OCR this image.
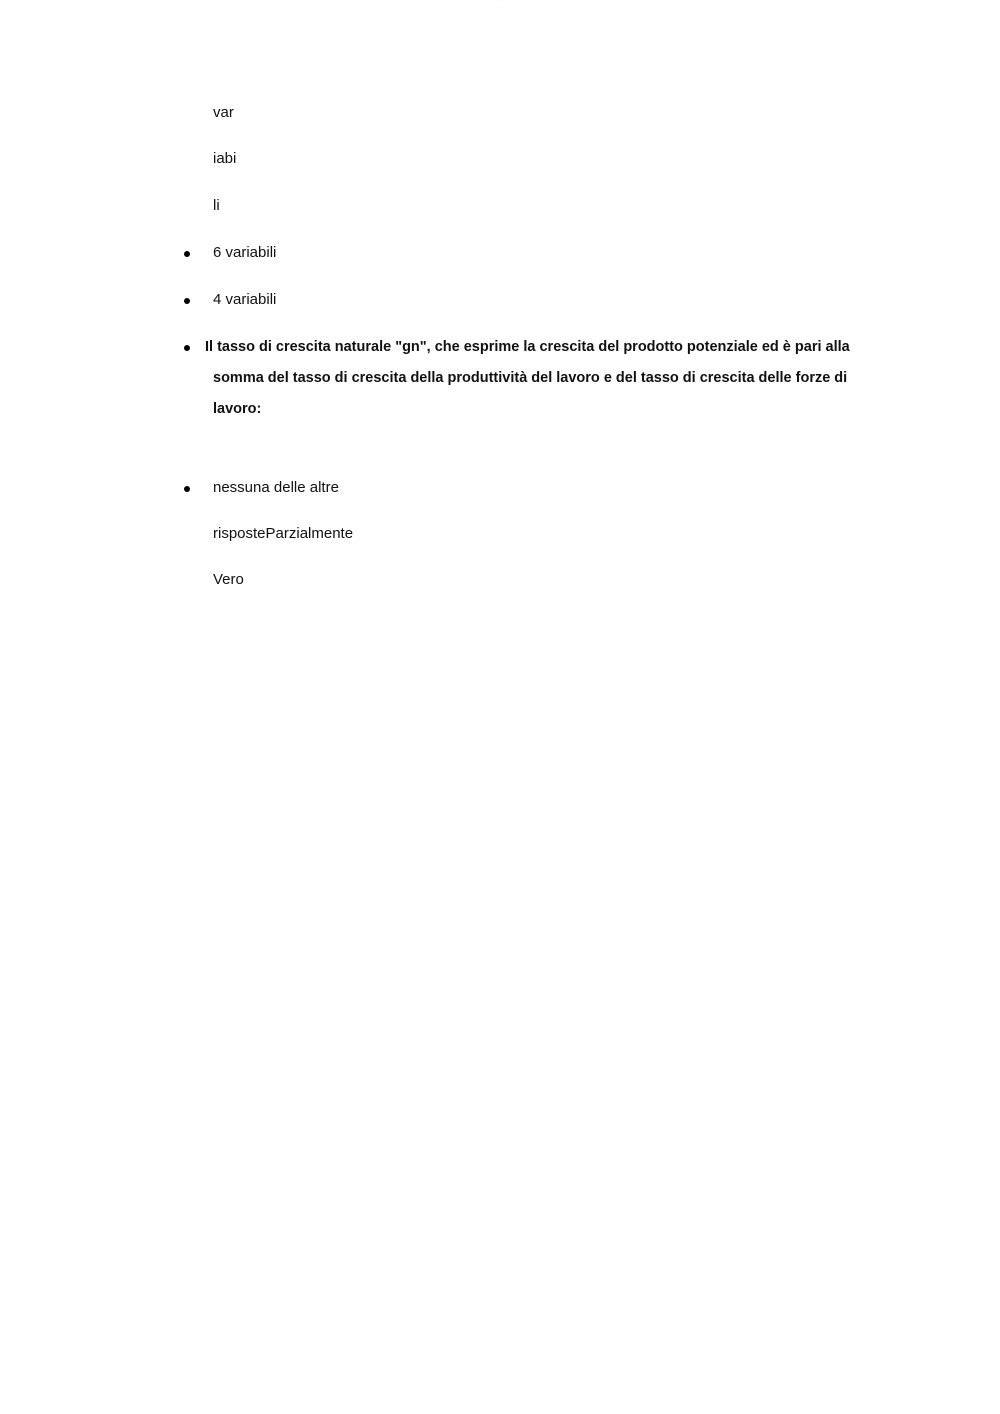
...
var
iabi
li
6 variabili
4 variabili
Il tasso di crescita naturale "gn", che esprime la crescita del prodotto potenziale ed è pari alla
somma del tasso di crescita della produttività del lavoro e del tasso di crescita delle forze di
lavoro:
nessuna delle altre
risposteParzialmente
Vero
